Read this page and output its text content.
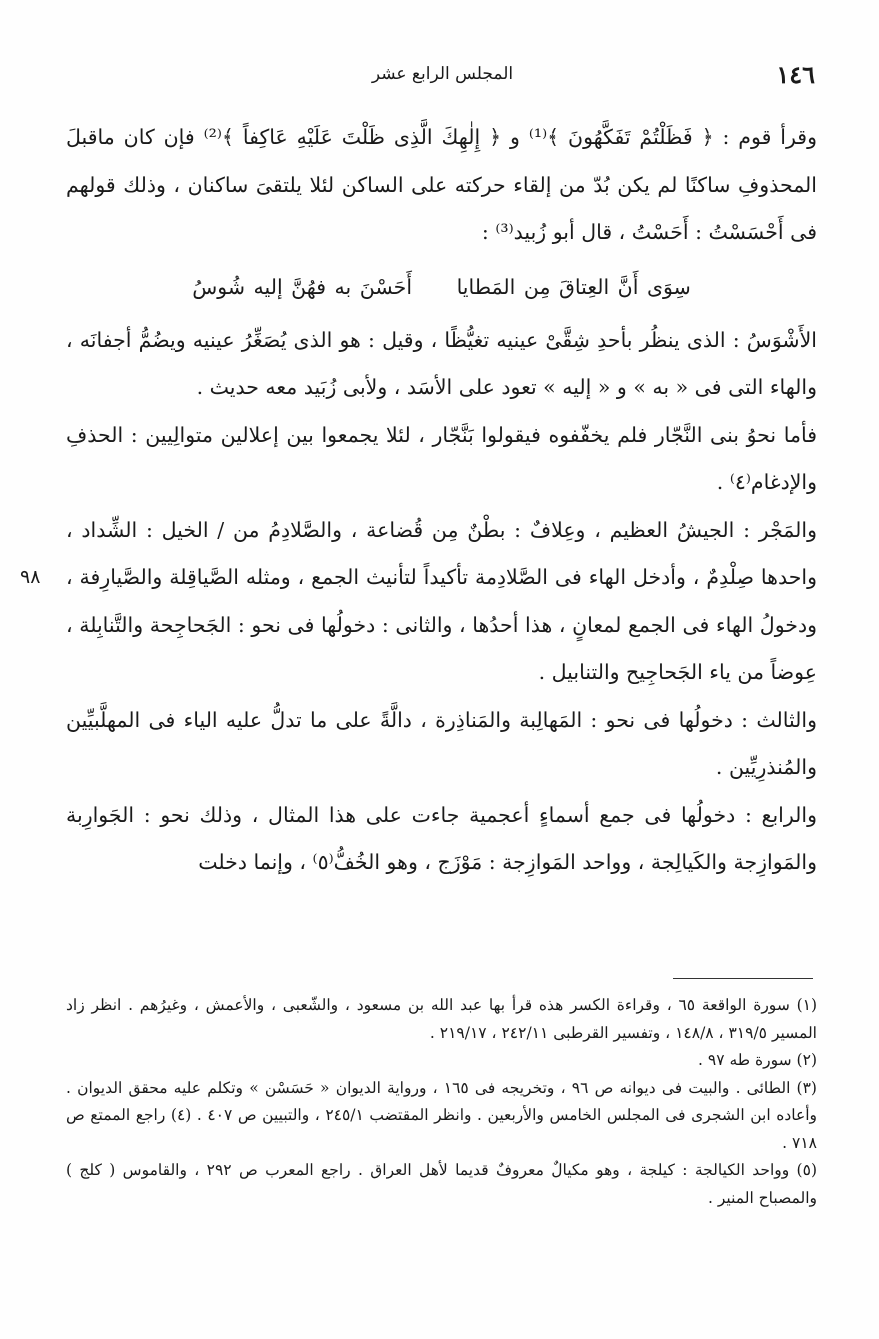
١٤٦
المجلس الرابع عشر

وقرأ قوم : ﴿ فَظَلْتُمْ تَفَكَّهُونَ ﴾⁽¹⁾ و ﴿ إِلٰهِكَ الَّذِى ظَلْتَ عَلَيْهِ عَاكِفاً ﴾⁽²⁾ فإن كان ماقبلَ المحذوفِ ساكنًا لم يكن بُدّ من إلقاء حركته على الساكن لئلا يلتقىَ ساكنان ، وذلك قولهم فى أَحْسَسْتُ : أَحَسْتُ ، قال أبو زُبيد⁽³⁾ :

سِوَى أَنَّ العِتاقَ مِن المَطايا أَحَسْنَ به فهُنَّ إليه شُوسُ

الأَشْوَسُ : الذى ينظُر بأحدِ شِقَّىْ عينيه تغيُّظًا ، وقيل : هو الذى يُصَغِّرُ عينيه ويضُمُّ أجفانَه ، والهاء التى فى « به » و « إليه » تعود على الأسَد ، ولأبى زُبَيد معه حديث .

فأما نحوُ بنى النَّجّار فلم يخفّفوه فيقولوا بَنَّجّار ، لئلا يجمعوا بين إعلالين متوالِيين : الحذفِ والإدغام⁽٤⁾ .

والمَجْر : الجيشُ العظيم ، وعِلافٌ : بطْنٌ مِن قُضاعة ، والصَّلادِمُ من / الخيل : الشِّداد ، واحدها صِلْدِمٌ ، وأدخل الهاء فى الصَّلادِمة تأكيداً لتأنيث الجمع ، ومثله الصَّياقِلة والصَّيارِفة ، ودخولُ الهاء فى الجمع لمعانٍ ، هذا أحدُها ، والثانى : دخولُها فى نحو : الجَحاجِحة والتَّنابِلة ، عِوضاً من ياء الجَحاجِيح والتنابيل .

والثالث : دخولُها فى نحو : المَهالِبة والمَناذِرة ، دالَّةً على ما تدلُّ عليه الياء فى المهلَّبيِّين والمُنذرِيِّين .

والرابع : دخولُها فى جمع أسماءٍ أعجمية جاءت على هذا المثال ، وذلك نحو : الجَوارِبة والمَوازِجة والكَيالِجة ، وواحد المَوازِجة : مَوْزَج ، وهو الخُفُّ⁽٥⁾ ، وإنما دخلت

٩٨

(١) سورة الواقعة ٦٥ ، وقراءة الكسر هذه قرأ بها عبد الله بن مسعود ، والشّعبى ، والأعمش ، وغيرُهم . انظر زاد المسير ٣١٩/٥ ، ١٤٨/٨ ، وتفسير القرطبى ٢٤٢/١١ ، ٢١٩/١٧ .

(٢) سورة طه ٩٧ .

(٣) الطائى . والبيت فى ديوانه ص ٩٦ ، وتخريجه فى ١٦٥ ، ورواية الديوان « حَسَسْن » وتكلم عليه محقق الديوان . وأعاده ابن الشجرى فى المجلس الخامس والأربعين . وانظر المقتضب ٢٤٥/١ ، والتبيين ص ٤٠٧ . (٤) راجع الممتع ص ٧١٨ .

(٥) وواحد الكيالجة : كيلجة ، وهو مكيالٌ معروفٌ قديما لأهل العراق . راجع المعرب ص ٢٩٢ ، والقاموس ( كلج ) والمصباح المنير .
